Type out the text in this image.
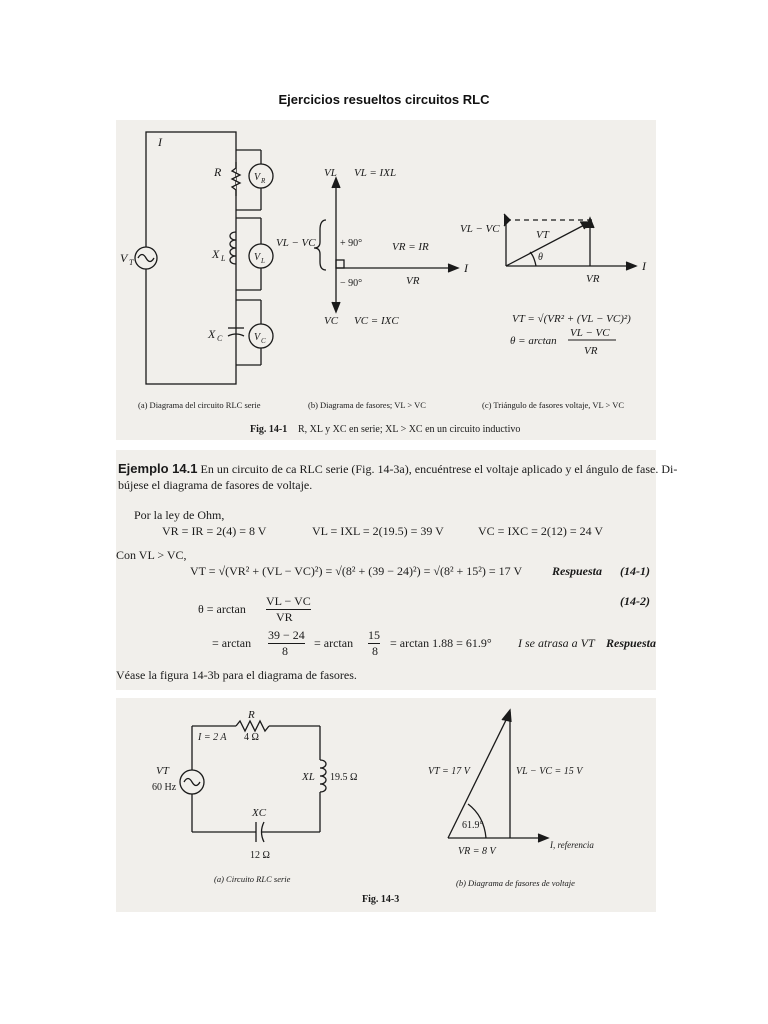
Ejercicios resueltos circuitos RLC
I
V T
R
X L
X C
V R
V L
V C
VL VL = IXL
VL − VC + 90°
− 90°
VR = IR
VR
I
VC VC = IXC
VL − VC	VT
θ
VR
I
VT = √(VR² + (VL − VC)²)
θ = arctan
VL − VC
VR
(a) Diagrama del circuito RLC serie	(b) Diagrama de fasores; VL > VC	(c) Triángulo de fasores voltaje, VL > VC
Fig. 14-1 R, XL y XC en serie; XL > XC en un circuito inductivo
Ejemplo 14.1 En un circuito de ca RLC serie (Fig. 14-3a), encuéntrese el voltaje aplicado y el ángulo de fase. Di-
bújese el diagrama de fasores de voltaje.
Por la ley de Ohm,
VR = IR = 2(4) = 8 V	VL = IXL = 2(19.5) = 39 V	VC = IXC = 2(12) = 24 V
Con VL > VC,
VT = √(VR² + (VL − VC)²) = √(8² + (39 − 24)²) = √(8² + 15²) = 17 V Respuesta (14-1)
θ = arctan
VL − VC
VR
(14-2)
= arctan
39 − 24
8
= arctan
15
8
= arctan 1.88 = 61.9° I se atrasa a VT Respuesta
Véase la figura 14-3b para el diagrama de fasores.
R
4 Ω
I = 2 A
VT
60 Hz
XL 19.5 Ω
XC
12 Ω
VT = 17 V	VL − VC = 15 V
61.9°
VR = 8 V
I, referencia
(a) Circuito RLC serie	(b) Diagrama de fasores de voltaje
Fig. 14-3
